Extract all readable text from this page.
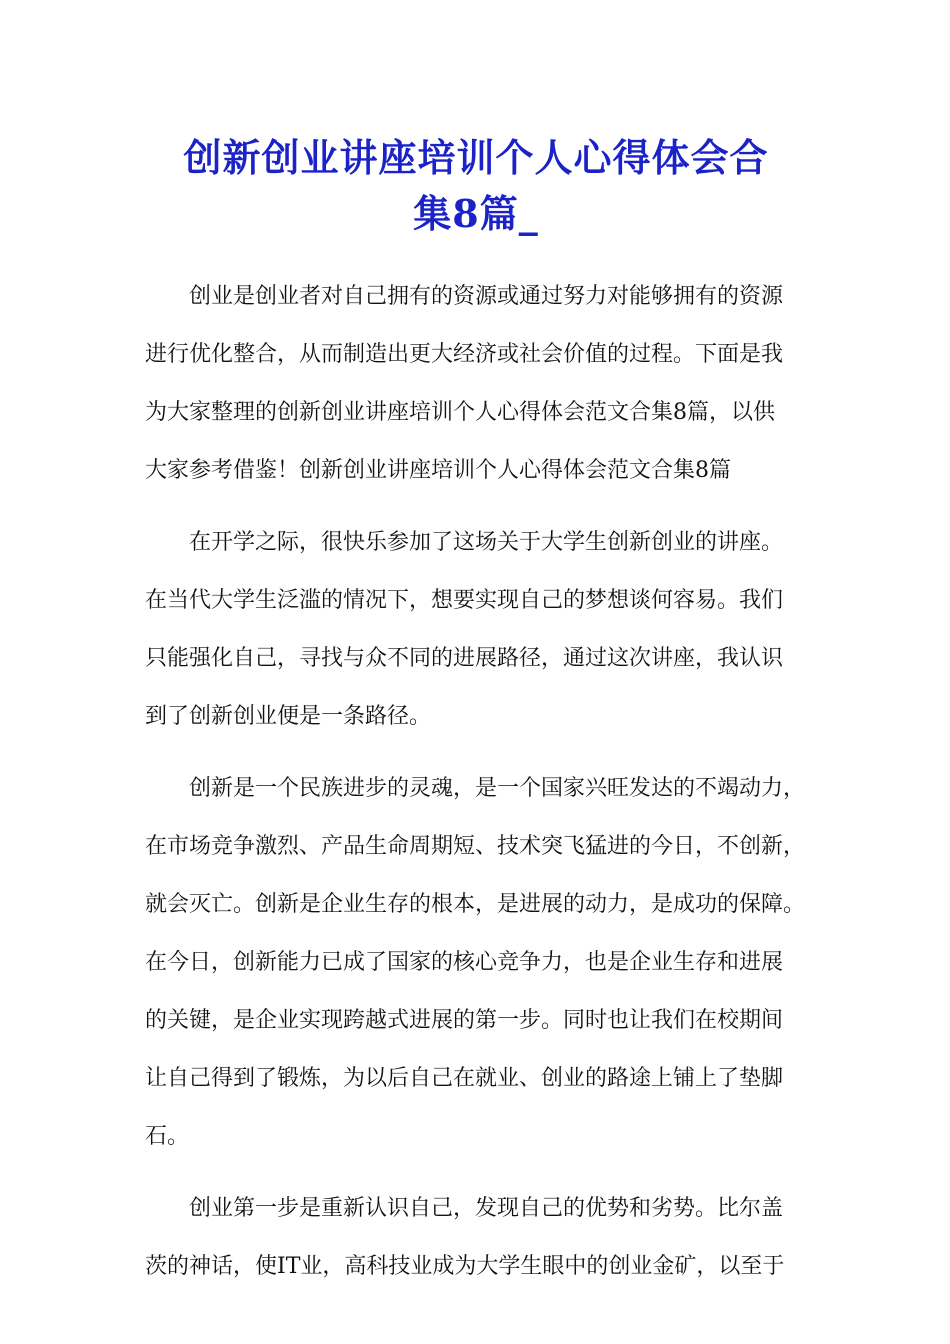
创新创业讲座培训个人心得体会合
集8篇_

创业是创业者对自己拥有的资源或通过努力对能够拥有的资源
进行优化整合，从而制造出更大经济或社会价值的过程。下面是我
为大家整理的创新创业讲座培训个人心得体会范文合集8篇，以供
大家参考借鉴！创新创业讲座培训个人心得体会范文合集8篇

在开学之际，很快乐参加了这场关于大学生创新创业的讲座。
在当代大学生泛滥的情况下，想要实现自己的梦想谈何容易。我们
只能强化自己，寻找与众不同的进展路径，通过这次讲座，我认识
到了创新创业便是一条路径。

创新是一个民族进步的灵魂，是一个国家兴旺发达的不竭动力，
在市场竞争激烈、产品生命周期短、技术突飞猛进的今日，不创新，
就会灭亡。创新是企业生存的根本，是进展的动力，是成功的保障。
在今日，创新能力已成了国家的核心竞争力，也是企业生存和进展
的关键，是企业实现跨越式进展的第一步。同时也让我们在校期间
让自己得到了锻炼，为以后自己在就业、创业的路途上铺上了垫脚
石。

创业第一步是重新认识自己，发现自己的优势和劣势。比尔盖
茨的神话，使IT业，高科技业成为大学生眼中的创业金矿，以至于
